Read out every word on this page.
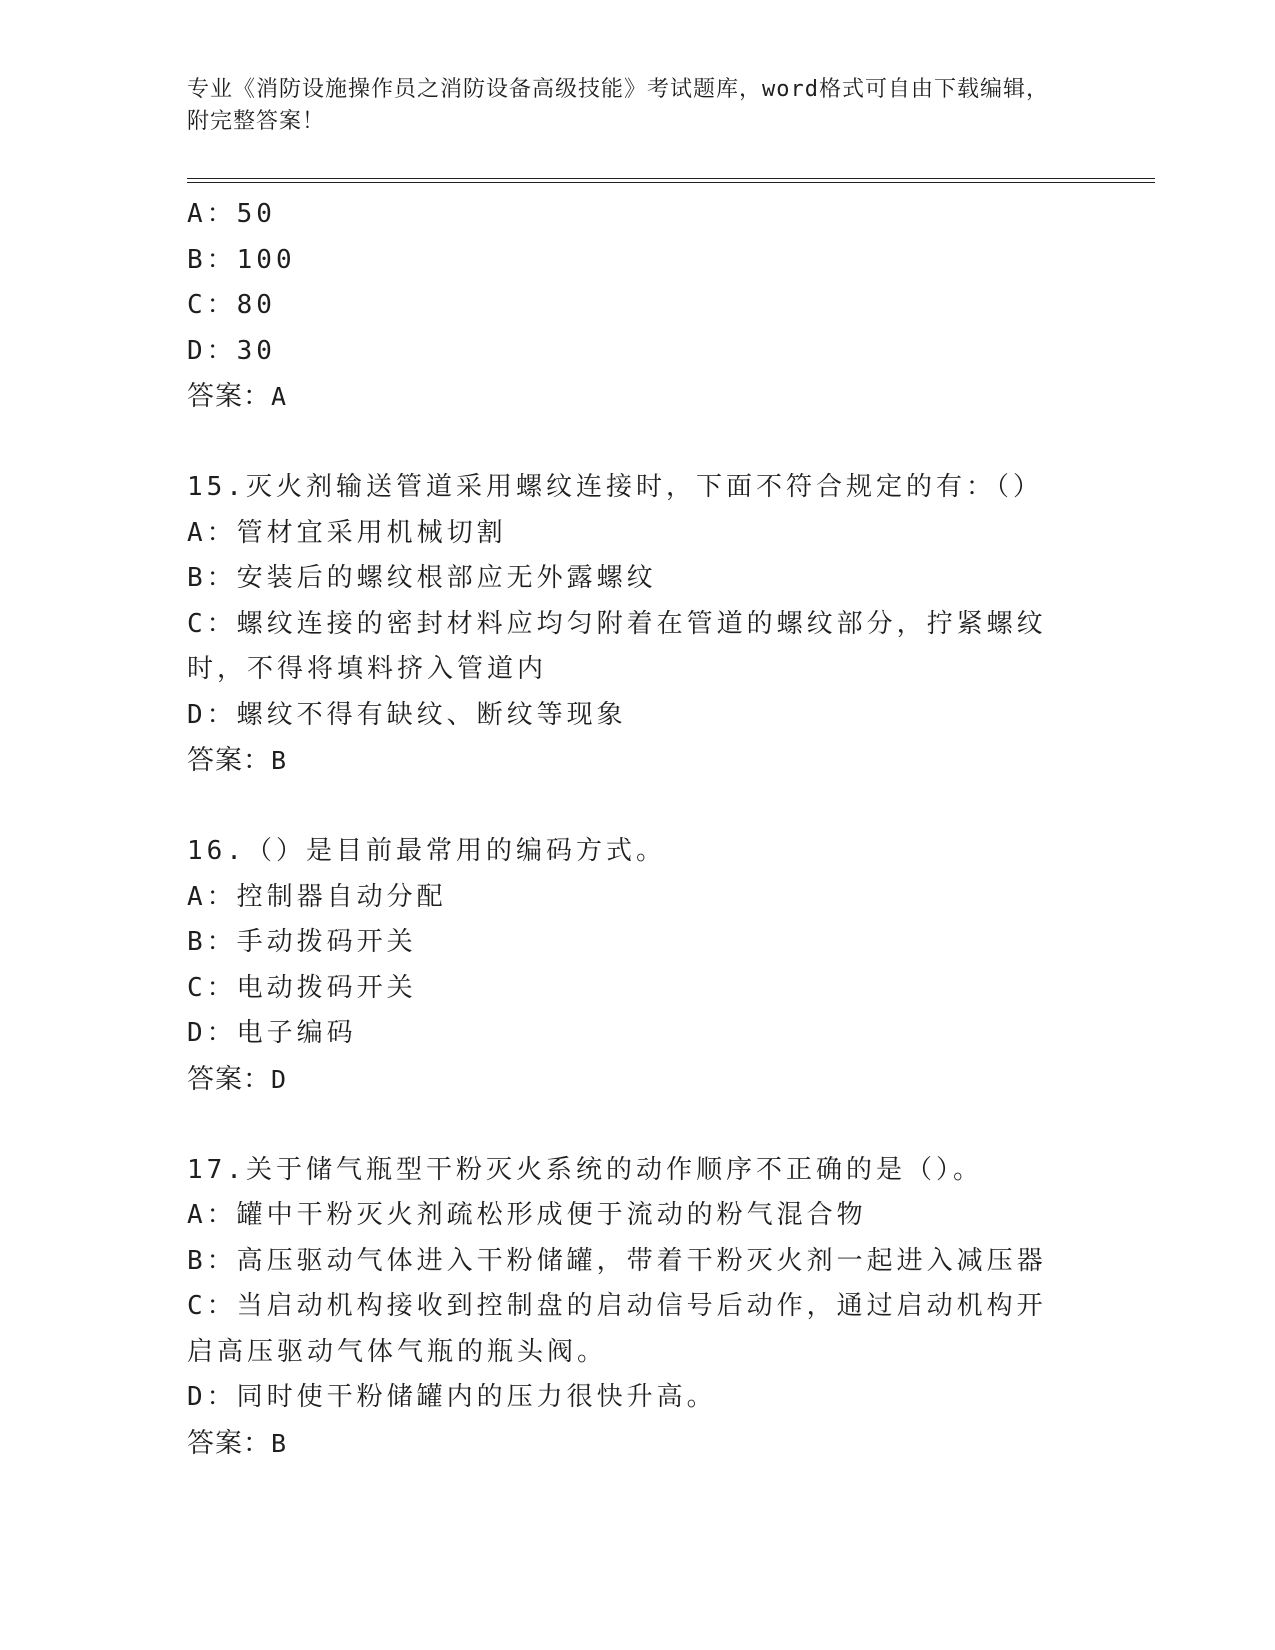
专业《消防设施操作员之消防设备高级技能》考试题库，word格式可自由下载编辑，附完整答案！
A：50
B：100
C：80
D：30
答案：A
15.灭火剂输送管道采用螺纹连接时，下面不符合规定的有：（）
A：管材宜采用机械切割
B：安装后的螺纹根部应无外露螺纹
C：螺纹连接的密封材料应均匀附着在管道的螺纹部分，拧紧螺纹时，不得将填料挤入管道内
D：螺纹不得有缺纹、断纹等现象
答案：B
16.（）是目前最常用的编码方式。
A：控制器自动分配
B：手动拨码开关
C：电动拨码开关
D：电子编码
答案：D
17.关于储气瓶型干粉灭火系统的动作顺序不正确的是（）。
A：罐中干粉灭火剂疏松形成便于流动的粉气混合物
B：高压驱动气体进入干粉储罐，带着干粉灭火剂一起进入减压器
C：当启动机构接收到控制盘的启动信号后动作，通过启动机构开启高压驱动气体气瓶的瓶头阀。
D：同时使干粉储罐内的压力很快升高。
答案：B
